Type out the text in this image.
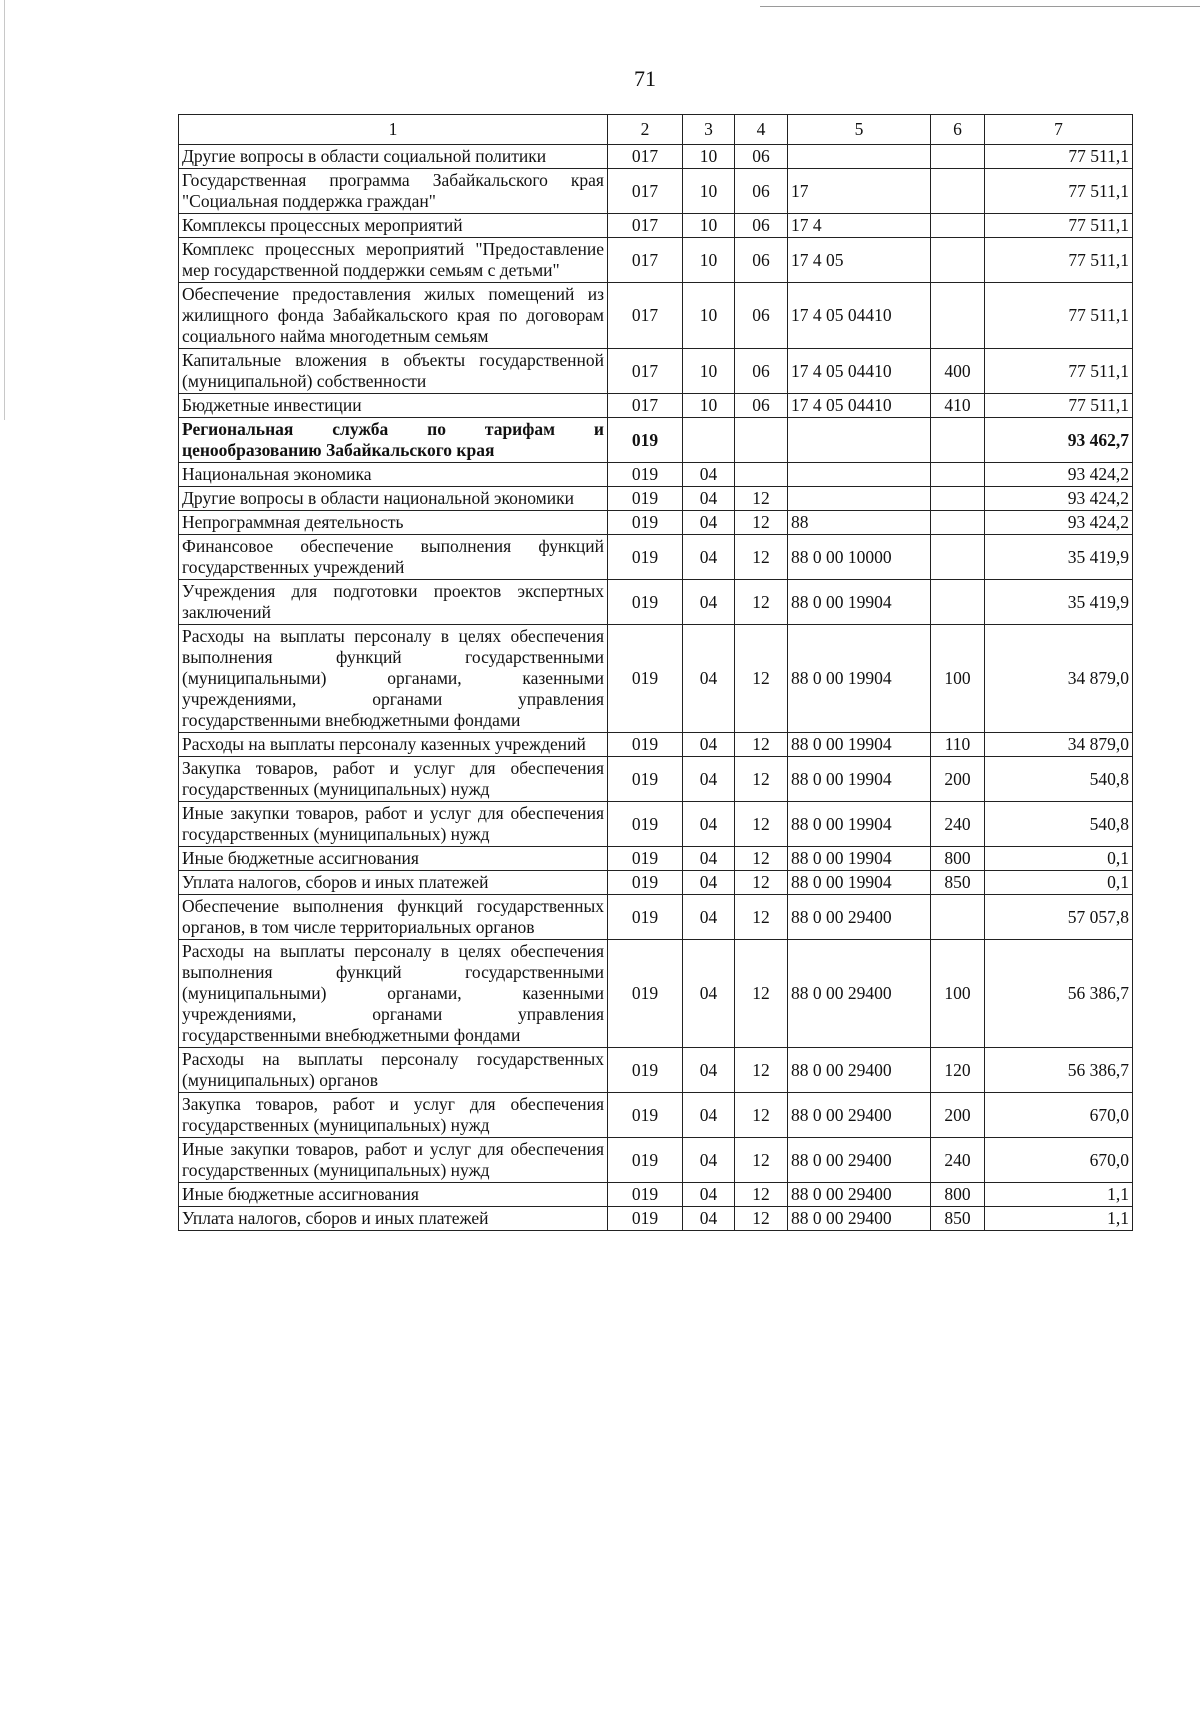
71
1	2	3	4	5	6	7
Другие вопросы в области социальной политики	017	10	06			77 511,1
Государственная программа Забайкальского края "Социальная поддержка граждан"	017	10	06	17		77 511,1
Комплексы процессных мероприятий	017	10	06	17 4		77 511,1
Комплекс процессных мероприятий "Предоставление мер государственной поддержки семьям с детьми"	017	10	06	17 4 05		77 511,1
Обеспечение предоставления жилых помещений из жилищного фонда Забайкальского края по договорам социального найма многодетным семьям	017	10	06	17 4 05 04410		77 511,1
Капитальные вложения в объекты государственной (муниципальной) собственности	017	10	06	17 4 05 04410	400	77 511,1
Бюджетные инвестиции	017	10	06	17 4 05 04410	410	77 511,1
Региональная служба по тарифам и ценообразованию Забайкальского края	019					93 462,7
Национальная экономика	019	04				93 424,2
Другие вопросы в области национальной экономики	019	04	12			93 424,2
Непрограммная деятельность	019	04	12	88		93 424,2
Финансовое обеспечение выполнения функций государственных учреждений	019	04	12	88 0 00 10000		35 419,9
Учреждения для подготовки проектов экспертных заключений	019	04	12	88 0 00 19904		35 419,9
Расходы на выплаты персоналу в целях обеспечения выполнения функций государственными (муниципальными) органами, казенными учреждениями, органами управления государственными внебюджетными фондами	019	04	12	88 0 00 19904	100	34 879,0
Расходы на выплаты персоналу казенных учреждений	019	04	12	88 0 00 19904	110	34 879,0
Закупка товаров, работ и услуг для обеспечения государственных (муниципальных) нужд	019	04	12	88 0 00 19904	200	540,8
Иные закупки товаров, работ и услуг для обеспечения государственных (муниципальных) нужд	019	04	12	88 0 00 19904	240	540,8
Иные бюджетные ассигнования	019	04	12	88 0 00 19904	800	0,1
Уплата налогов, сборов и иных платежей	019	04	12	88 0 00 19904	850	0,1
Обеспечение выполнения функций государственных органов, в том числе территориальных органов	019	04	12	88 0 00 29400		57 057,8
Расходы на выплаты персоналу в целях обеспечения выполнения функций государственными (муниципальными) органами, казенными учреждениями, органами управления государственными внебюджетными фондами	019	04	12	88 0 00 29400	100	56 386,7
Расходы на выплаты персоналу государственных (муниципальных) органов	019	04	12	88 0 00 29400	120	56 386,7
Закупка товаров, работ и услуг для обеспечения государственных (муниципальных) нужд	019	04	12	88 0 00 29400	200	670,0
Иные закупки товаров, работ и услуг для обеспечения государственных (муниципальных) нужд	019	04	12	88 0 00 29400	240	670,0
Иные бюджетные ассигнования	019	04	12	88 0 00 29400	800	1,1
Уплата налогов, сборов и иных платежей	019	04	12	88 0 00 29400	850	1,1
